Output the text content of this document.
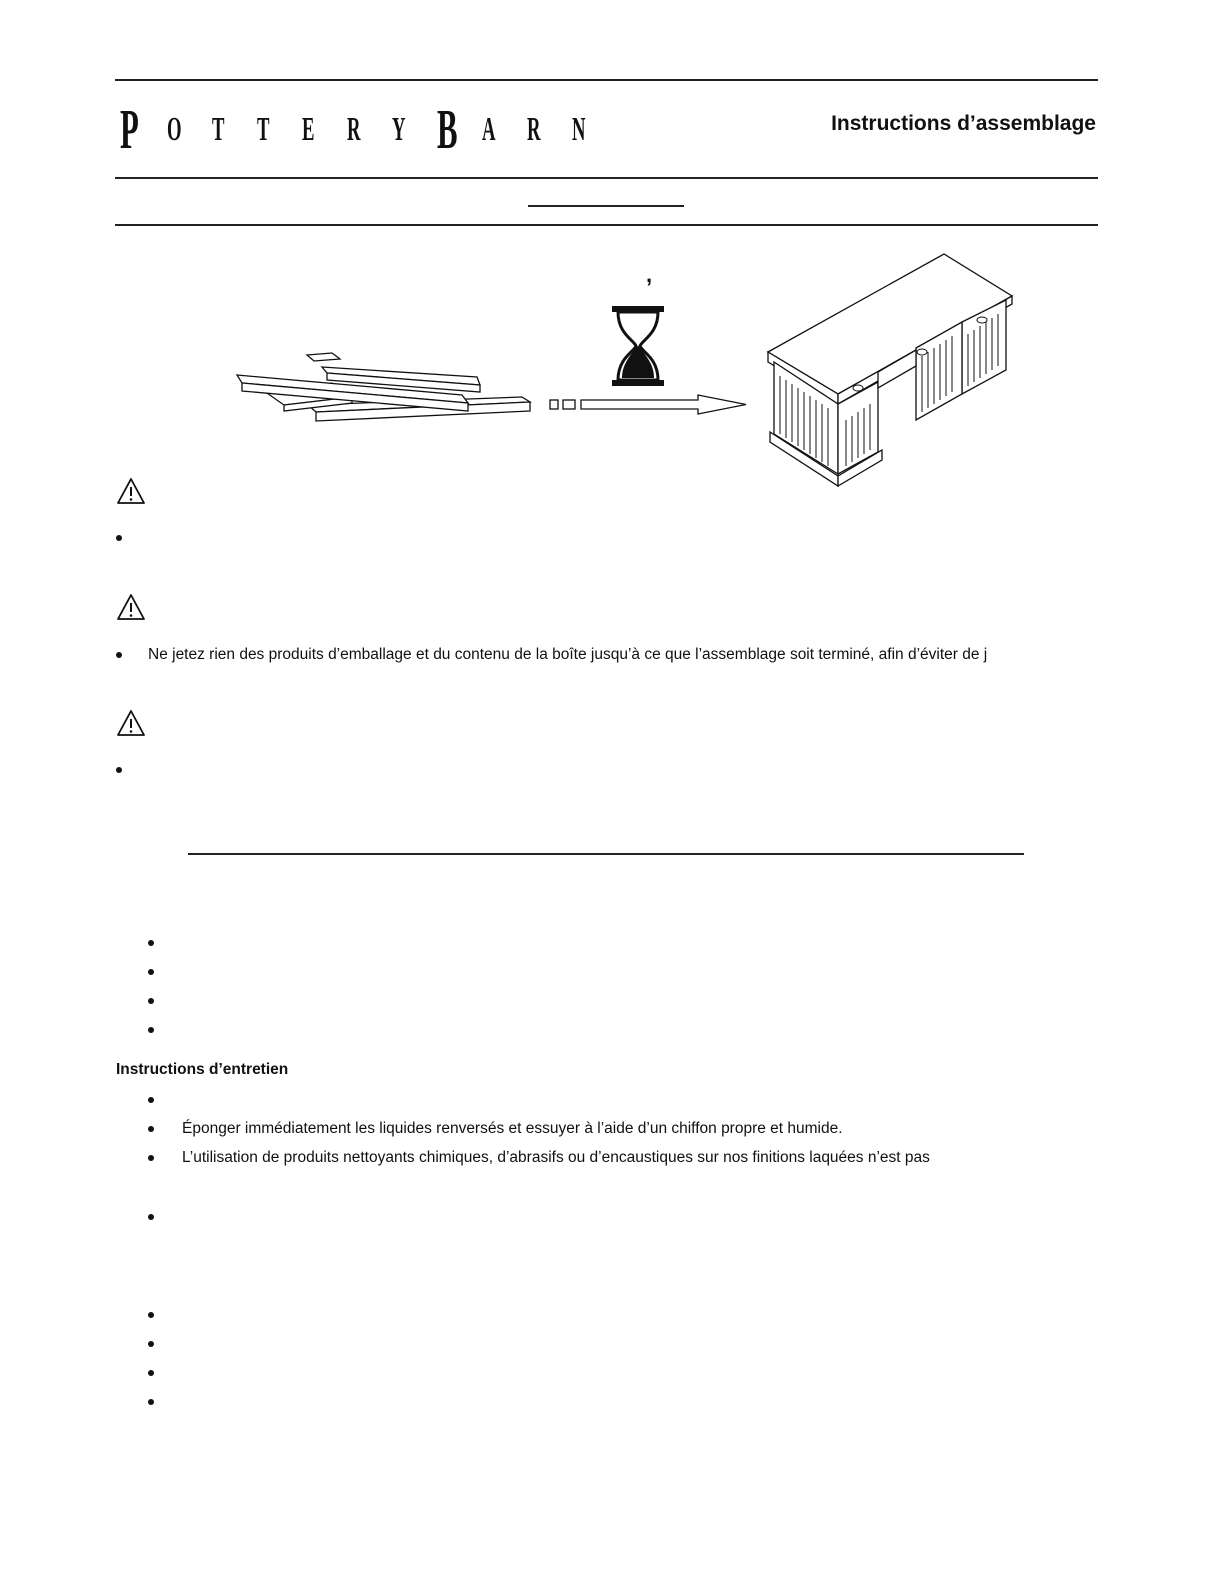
P O T T E R Y B A R N	Instructions d’assemblage
,
Ne jetez rien des produits d’emballage et du contenu de la boîte jusqu’à ce que l’assemblage soit terminé, afin d’éviter de j
Instructions d’entretien
Éponger immédiatement les liquides renversés et essuyer à l’aide d’un chiffon propre et humide.
L’utilisation de produits nettoyants chimiques, d’abrasifs ou d’encaustiques sur nos finitions laquées n’est pas
